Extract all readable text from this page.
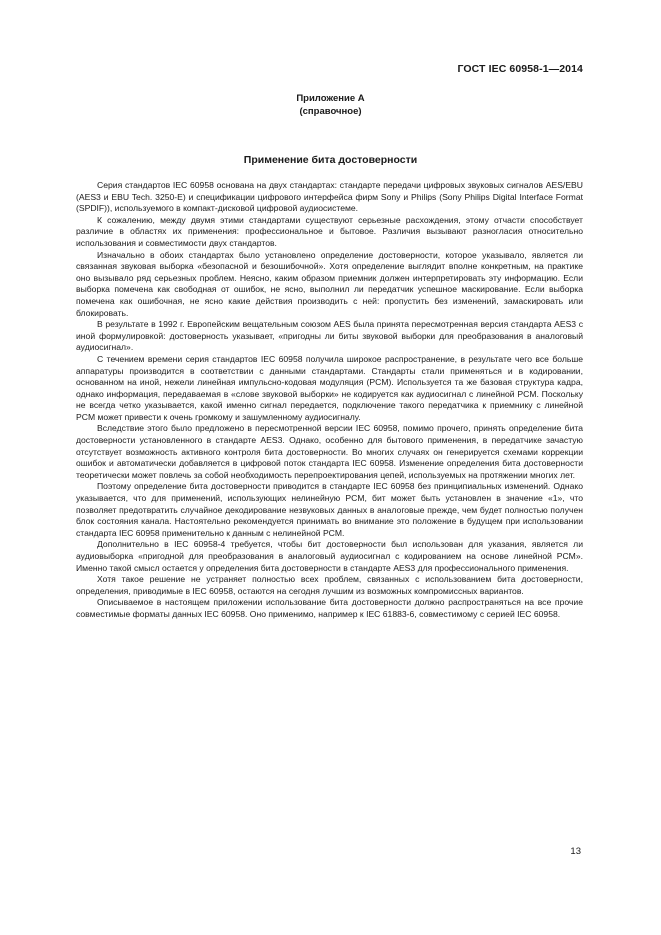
ГОСТ IEC 60958-1—2014
Приложение А
(справочное)
Применение бита достоверности

Серия стандартов IEC 60958 основана на двух стандартах: стандарте передачи цифровых звуковых сигналов AES/EBU (AES3 и EBU Tech. 3250-E) и спецификации цифрового интерфейса фирм Sony и Philips (Sony Philips Digital Interface Format (SPDIF)), используемого в компакт-дисковой цифровой аудиосистеме.

К сожалению, между двумя этими стандартами существуют серьезные расхождения, этому отчасти способствует различие в областях их применения: профессиональное и бытовое. Различия вызывают разногласия относительно использования и совместимости двух стандартов.

Изначально в обоих стандартах было установлено определение достоверности, которое указывало, является ли связанная звуковая выборка «безопасной и безошибочной». Хотя определение выглядит вполне конкретным, на практике оно вызывало ряд серьезных проблем. Неясно, каким образом приемник должен интерпретировать эту информацию. Если выборка помечена как свободная от ошибок, не ясно, выполнил ли передатчик успешное маскирование. Если выборка помечена как ошибочная, не ясно какие действия производить с ней: пропустить без изменений, замаскировать или блокировать.

В результате в 1992 г. Европейским вещательным союзом AES была принята пересмотренная версия стандарта AES3 с иной формулировкой: достоверность указывает, «пригодны ли биты звуковой выборки для преобразования в аналоговый аудиосигнал».

С течением времени серия стандартов IEC 60958 получила широкое распространение, в результате чего все больше аппаратуры производится в соответствии с данными стандартами. Стандарты стали применяться и в кодировании, основанном на иной, нежели линейная импульсно-кодовая модуляция (PCM). Используется та же базовая структура кадра, однако информация, передаваемая в «слове звуковой выборки» не кодируется как аудиосигнал с линейной PCM. Поскольку не всегда четко указывается, какой именно сигнал передается, подключение такого передатчика к приемнику с линейной PCM может привести к очень громкому и зашумленному аудиосигналу.

Вследствие этого было предложено в пересмотренной версии IEC 60958, помимо прочего, принять определение бита достоверности установленного в стандарте AES3. Однако, особенно для бытового применения, в передатчике зачастую отсутствует возможность активного контроля бита достоверности. Во многих случаях он генерируется схемами коррекции ошибок и автоматически добавляется в цифровой поток стандарта IEC 60958. Изменение определения бита достоверности теоретически может повлечь за собой необходимость перепроектирования цепей, используемых на протяжении многих лет.

Поэтому определение бита достоверности приводится в стандарте IEC 60958 без принципиальных изменений. Однако указывается, что для применений, использующих нелинейную PCM, бит может быть установлен в значение «1», что позволяет предотвратить случайное декодирование незвуковых данных в аналоговые прежде, чем будет полностью получен блок состояния канала. Настоятельно рекомендуется принимать во внимание это положение в будущем при использовании стандарта IEC 60958 применительно к данным с нелинейной PCM.

Дополнительно в IEC 60958-4 требуется, чтобы бит достоверности был использован для указания, является ли аудиовыборка «пригодной для преобразования в аналоговый аудиосигнал с кодированием на основе линейной PCM». Именно такой смысл остается у определения бита достоверности в стандарте AES3 для профессионального применения.

Хотя такое решение не устраняет полностью всех проблем, связанных с использованием бита достоверности, определения, приводимые в IEC 60958, остаются на сегодня лучшим из возможных компромиссных вариантов.

Описываемое в настоящем приложении использование бита достоверности должно распространяться на все прочие совместимые форматы данных IEC 60958. Оно применимо, например к IEC 61883-6, совместимому с серией IEC 60958.

13
